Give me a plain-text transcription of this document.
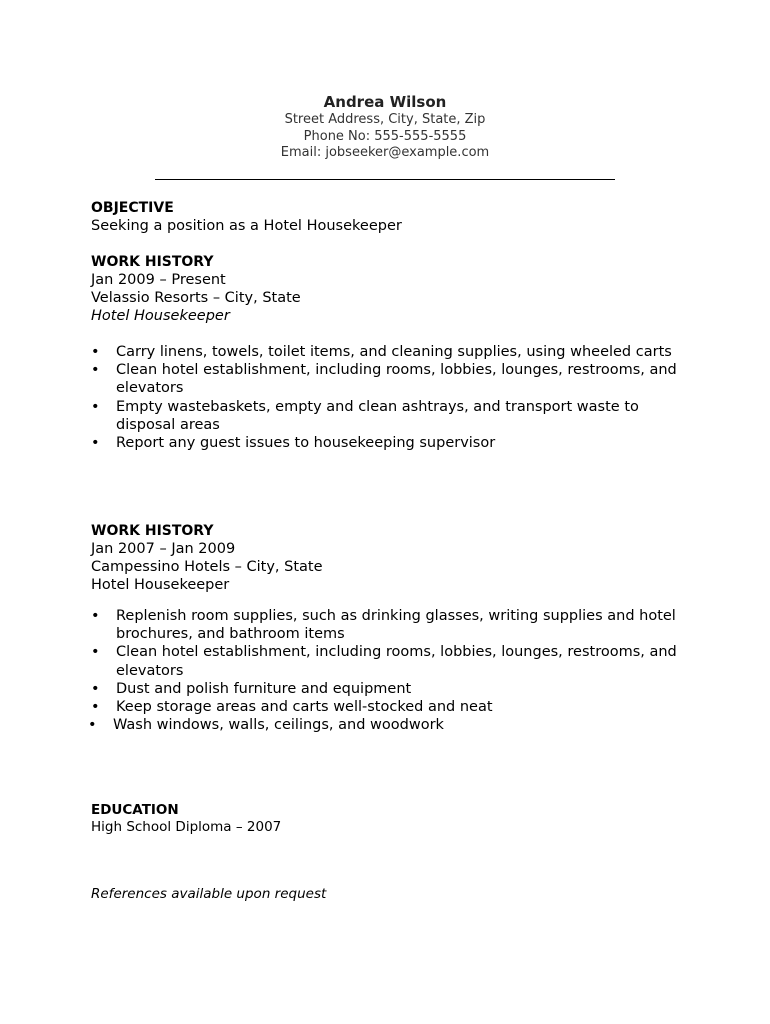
Andrea Wilson
Street Address, City, State, Zip
Phone No: 555-555-5555
Email: jobseeker@example.com
OBJECTIVE
Seeking a position as a Hotel Housekeeper
WORK HISTORY
Jan 2009 – Present
Velassio Resorts – City, State
Hotel Housekeeper
•	Carry linens, towels, toilet items, and cleaning supplies, using wheeled carts
•	Clean hotel establishment, including rooms, lobbies, lounges, restrooms, and elevators
•	Empty wastebaskets, empty and clean ashtrays, and transport waste to disposal areas
•	Report any guest issues to housekeeping supervisor
WORK HISTORY
Jan 2007 – Jan 2009
Campessino Hotels – City, State
Hotel Housekeeper
•	Replenish room supplies, such as drinking glasses, writing supplies and hotel brochures, and bathroom items
•	Clean hotel establishment, including rooms, lobbies, lounges, restrooms, and elevators
•	Dust and polish furniture and equipment
•	Keep storage areas and carts well-stocked and neat
•	Wash windows, walls, ceilings, and woodwork
EDUCATION
High School Diploma – 2007
References available upon request
